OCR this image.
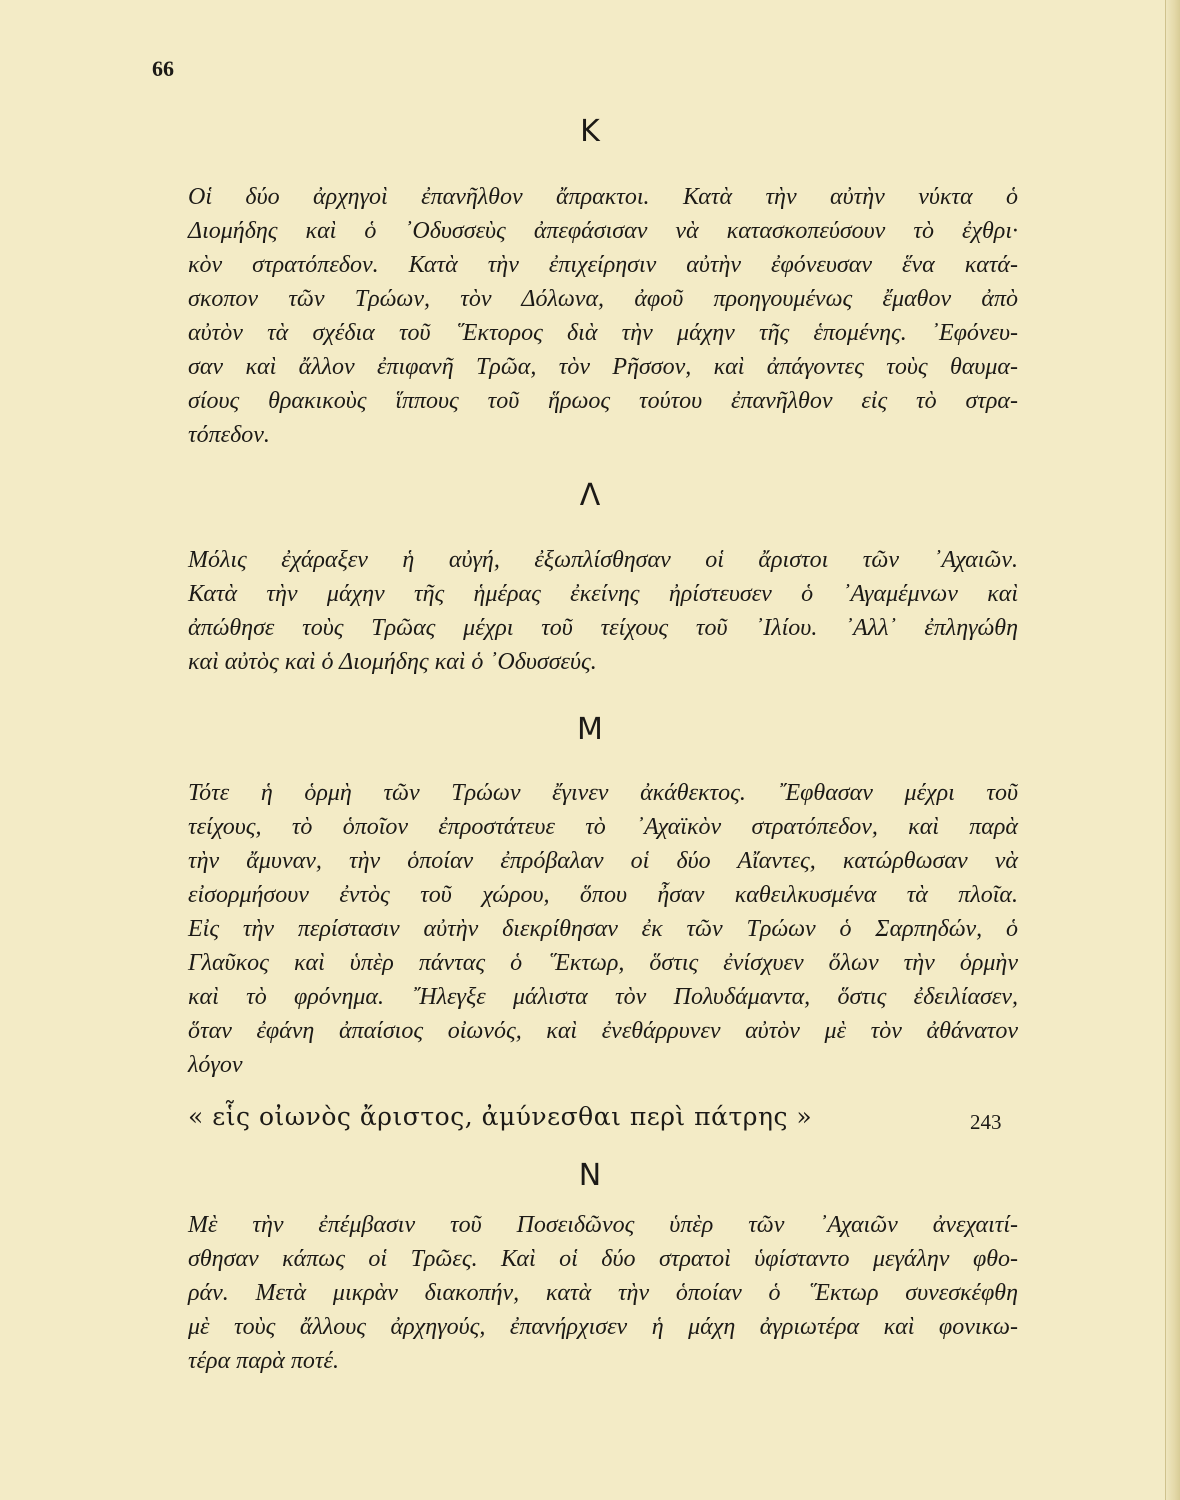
66
Κ
Οἱ δύο ἀρχηγοὶ ἐπανῆλθον ἄπρακτοι. Κατὰ τὴν αὐτὴν νύκτα ὁ
Διομήδης καὶ ὁ ᾿Οδυσσεὺς ἀπεφάσισαν νὰ κατασκοπεύσουν τὸ ἐχθρι·
κὸν στρατόπεδον. Κατὰ τὴν ἐπιχείρησιν αὐτὴν ἐφόνευσαν ἕνα κατά-
σκοπον τῶν Τρώων, τὸν Δόλωνα, ἀφοῦ προηγουμένως ἔμαθον ἀπὸ
αὐτὸν τὰ σχέδια τοῦ ῞Εκτορος διὰ τὴν μάχην τῆς ἑπομένης. ᾿Εφόνευ-
σαν καὶ ἄλλον ἐπιφανῆ Τρῶα, τὸν Ρῆσσον, καὶ ἀπάγοντες τοὺς θαυμα-
σίους θρακικοὺς ἵππους τοῦ ἥρωος τούτου ἐπανῆλθον εἰς τὸ στρα-
τόπεδον.
Λ
Μόλις ἐχάραξεν ἡ αὐγή, ἐξωπλίσθησαν οἱ ἄριστοι τῶν ᾿Αχαιῶν.
Κατὰ τὴν μάχην τῆς ἡμέρας ἐκείνης ἠρίστευσεν ὁ ᾿Αγαμέμνων καὶ
ἀπώθησε τοὺς Τρῶας μέχρι τοῦ τείχους τοῦ ᾿Ιλίου. ᾿Αλλ᾿ ἐπληγώθη
καὶ αὐτὸς καὶ ὁ Διομήδης καὶ ὁ ᾿Οδυσσεύς.
Μ
Τότε ἡ ὁρμὴ τῶν Τρώων ἔγινεν ἀκάθεκτος. ῎Εφθασαν μέχρι τοῦ
τείχους, τὸ ὁποῖον ἐπροστάτευε τὸ ᾿Αχαϊκὸν στρατόπεδον, καὶ παρὰ
τὴν ἄμυναν, τὴν ὁποίαν ἐπρόβαλαν οἱ δύο Αἴαντες, κατώρθωσαν νὰ
εἰσορμήσουν ἐντὸς τοῦ χώρου, ὅπου ἦσαν καθειλκυσμένα τὰ πλοῖα.
Εἰς τὴν περίστασιν αὐτὴν διεκρίθησαν ἐκ τῶν Τρώων ὁ Σαρπηδών, ὁ
Γλαῦκος καὶ ὑπὲρ πάντας ὁ ῞Εκτωρ, ὅστις ἐνίσχυεν ὅλων τὴν ὁρμὴν
καὶ τὸ φρόνημα. ῎Ηλεγξε μάλιστα τὸν Πολυδάμαντα, ὅστις ἐδειλίασεν,
ὅταν ἐφάνη ἀπαίσιος οἰωνός, καὶ ἐνεθάρρυνεν αὐτὸν μὲ τὸν ἀθάνατον
λόγον
« εἷς οἰωνὸς ἄριστος, ἀμύνεσθαι περὶ πάτρης »	243
Ν
Μὲ τὴν ἐπέμβασιν τοῦ Ποσειδῶνος ὑπὲρ τῶν ᾿Αχαιῶν ἀνεχαιτί-
σθησαν κάπως οἱ Τρῶες. Καὶ οἱ δύο στρατοὶ ὑφίσταντο μεγάλην φθο-
ράν. Μετὰ μικρὰν διακοπήν, κατὰ τὴν ὁποίαν ὁ ῞Εκτωρ συνεσκέφθη
μὲ τοὺς ἄλλους ἀρχηγούς, ἐπανήρχισεν ἡ μάχη ἀγριωτέρα καὶ φονικω-
τέρα παρὰ ποτέ.
